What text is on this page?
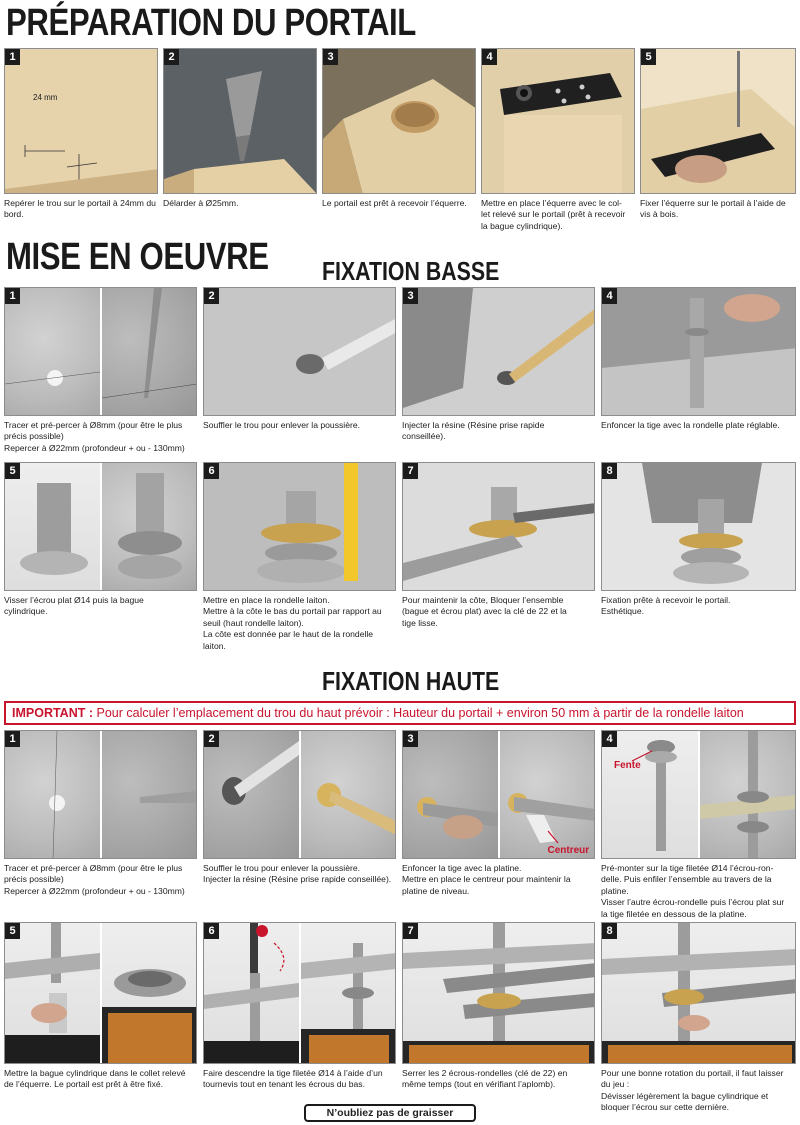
PRÉPARATION DU PORTAIL
MISE EN OEUVRE FIXATION BASSE
FIXATION HAUTE
24 mm
1
Repérer le trou sur le portail à 24mm du bord.
2
Délarder à Ø25mm.
3
Le portail est prêt à recevoir l’équerre.
4
Mettre en place l’équerre avec le col-
let relevé sur le portail (prêt à recevoir
la bague cylindrique).
5
Fixer l’équerre sur le portail à l’aide de
vis à bois.
1
Tracer et pré-percer à Ø8mm (pour être le plus
précis possible)
Repercer à Ø22mm (profondeur + ou - 130mm)
2
Souffler le trou pour enlever la poussière.
3
Injecter la résine (Résine prise rapide
conseillée).
4
Enfoncer la tige avec la rondelle plate réglable.
5
Visser l’écrou plat Ø14 puis la bague
cylindrique.
6
Mettre en place la rondelle laiton.
Mettre à la côte le bas du portail par rapport au
seuil (haut rondelle laiton).
La côte est donnée par le haut de la rondelle
laiton.
7
Pour maintenir la côte, Bloquer l’ensemble
(bague et écrou plat) avec la clé de 22 et la
tige lisse.
8
Fixation prête à recevoir le portail.
Esthétique.
IMPORTANT : Pour calculer l’emplacement du trou du haut prévoir : Hauteur du portail + environ 50 mm à partir de la rondelle laiton
1
Tracer et pré-percer à Ø8mm (pour être le plus
précis possible)
Repercer à Ø22mm (profondeur + ou - 130mm)
2
Souffler le trou pour enlever la poussière.
Injecter la résine (Résine prise rapide conseillée).
Centreur
3
Enfoncer la tige avec la platine.
Mettre en place le centreur pour maintenir la
platine de niveau.
Fente
4
Pré-monter sur la tige filetée Ø14 l’écrou-ron-
delle. Puis enfiler l’ensemble au travers de la
platine.
Visser l’autre écrou-rondelle puis l’écrou plat sur
la tige filetée en dessous de la platine.
5
Mettre la bague cylindrique dans le collet relevé
de l’équerre. Le portail est prêt à être fixé.
6
Faire descendre la tige filetée Ø14 à l’aide d’un
tournevis tout en tenant les écrous du bas.
7
Serrer les 2 écrous-rondelles (clé de 22) en
même temps (tout en vérifiant l’aplomb).
8
Pour une bonne rotation du portail, il faut laisser
du jeu :
Dévisser légèrement la bague cylindrique et
bloquer l’écrou sur cette dernière.
N’oubliez pas de graisser
